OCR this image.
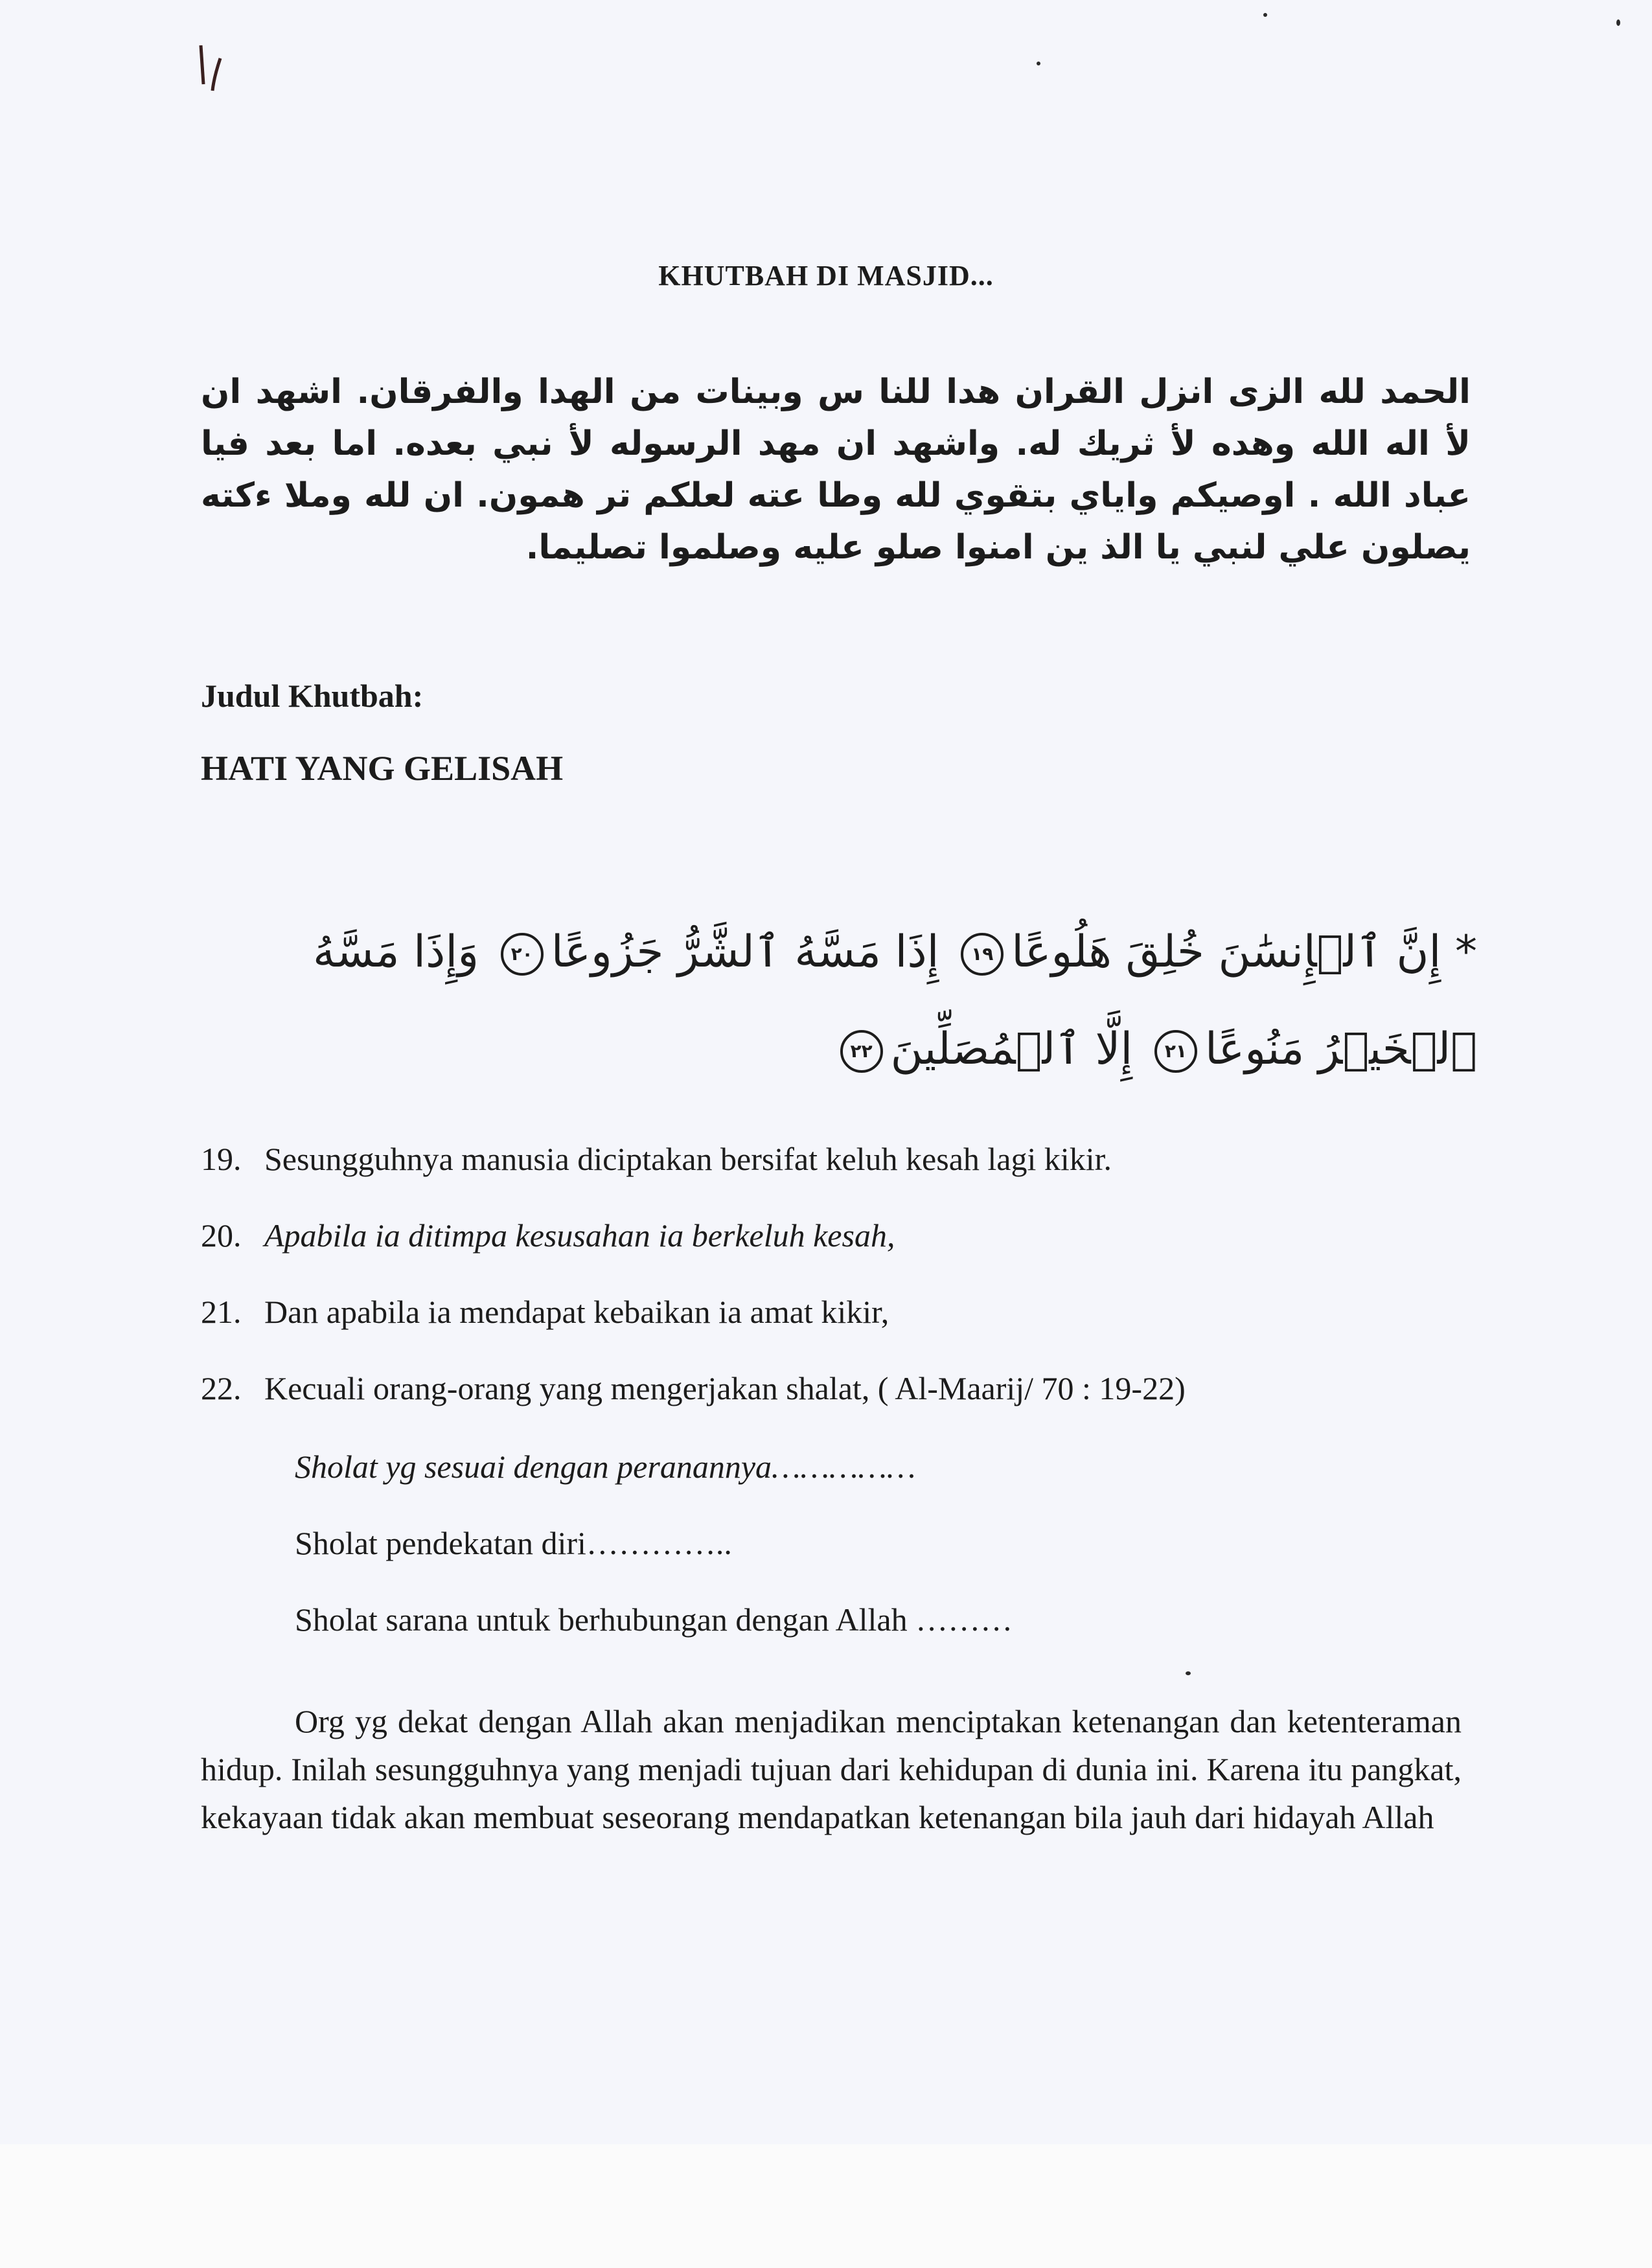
KHUTBAH DI MASJID...
الحمد لله الزى انزل القران هدا للنا س وبينات من الهدا والفرقان. اشهد ان لأ اله الله وهده لأ ثريك له. واشهد ان مهد الرسوله لأ نبي بعده. اما بعد فيا عباد الله . اوصيكم واياي بتقوي لله وطا عته لعلكم تر همون. ان لله وملا ءكته يصلون علي لنبي يا الذ ين امنوا صلو عليه وصلموا تصليما.
Judul Khutbah:
HATI YANG GELISAH
* إِنَّ ٱلۡإِنسَٰنَ خُلِقَ هَلُوعًا١٩ إِذَا مَسَّهُ ٱلشَّرُّ جَزُوعًا٢٠ وَإِذَا مَسَّهُ ٱلۡخَيۡرُ مَنُوعًا٢١ إِلَّا ٱلۡمُصَلِّينَ٢٢
19. Sesungguhnya manusia diciptakan bersifat keluh kesah lagi kikir.
20. Apabila ia ditimpa kesusahan ia berkeluh kesah,
21. Dan apabila ia mendapat kebaikan ia amat kikir,
22. Kecuali orang-orang yang mengerjakan shalat, ( Al-Maarij/ 70 : 19-22)
Sholat yg sesuai dengan peranannya……………
Sholat pendekatan diri…………..
Sholat sarana untuk berhubungan dengan Allah ………
Org yg dekat dengan Allah akan menjadikan menciptakan ketenangan dan ketenteraman hidup. Inilah sesungguhnya yang menjadi tujuan dari kehidupan di dunia ini. Karena itu pangkat, kekayaan tidak akan membuat seseorang mendapatkan ketenangan bila jauh dari hidayah Allah
